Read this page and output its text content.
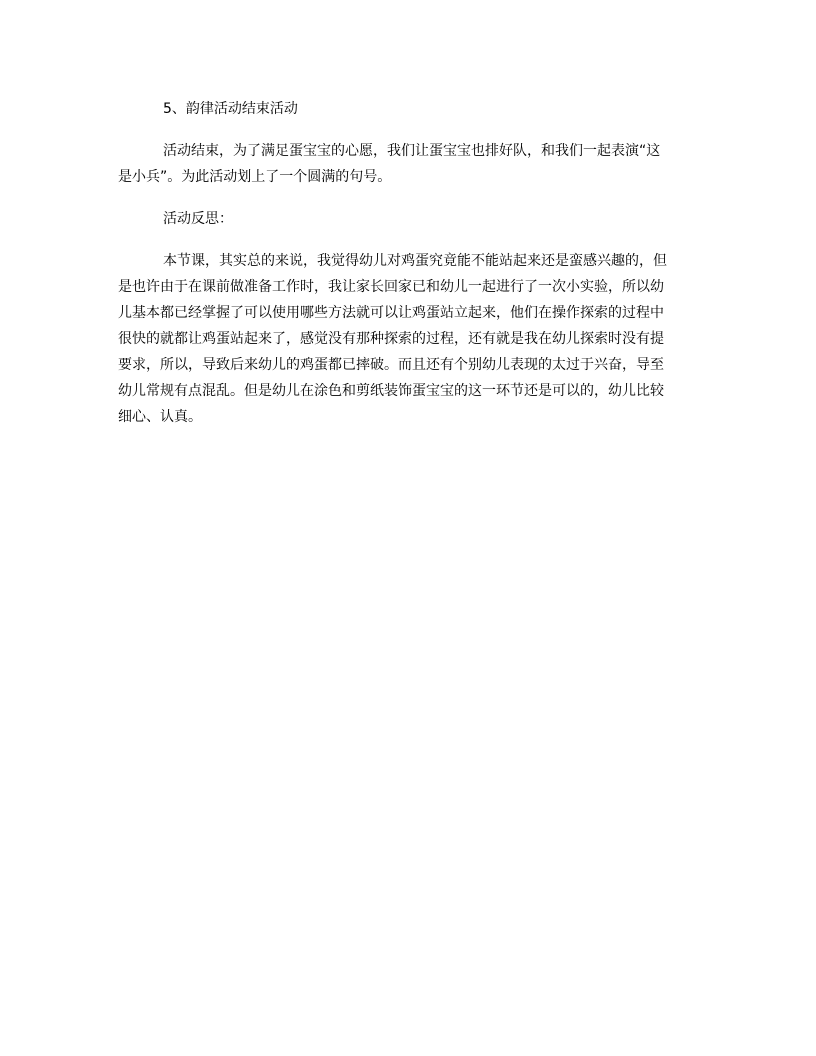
5、韵律活动结束活动
活动结束，为了满足蛋宝宝的心愿，我们让蛋宝宝也排好队，和我们一起表演“这
是小兵”。为此活动划上了一个圆满的句号。
活动反思：
本节课，其实总的来说，我觉得幼儿对鸡蛋究竟能不能站起来还是蛮感兴趣的，但
是也许由于在课前做准备工作时，我让家长回家已和幼儿一起进行了一次小实验，所以幼
儿基本都已经掌握了可以使用哪些方法就可以让鸡蛋站立起来，他们在操作探索的过程中
很快的就都让鸡蛋站起来了，感觉没有那种探索的过程，还有就是我在幼儿探索时没有提
要求，所以，导致后来幼儿的鸡蛋都已摔破。而且还有个别幼儿表现的太过于兴奋，导至
幼儿常规有点混乱。但是幼儿在涂色和剪纸装饰蛋宝宝的这一环节还是可以的，幼儿比较
细心、认真。
